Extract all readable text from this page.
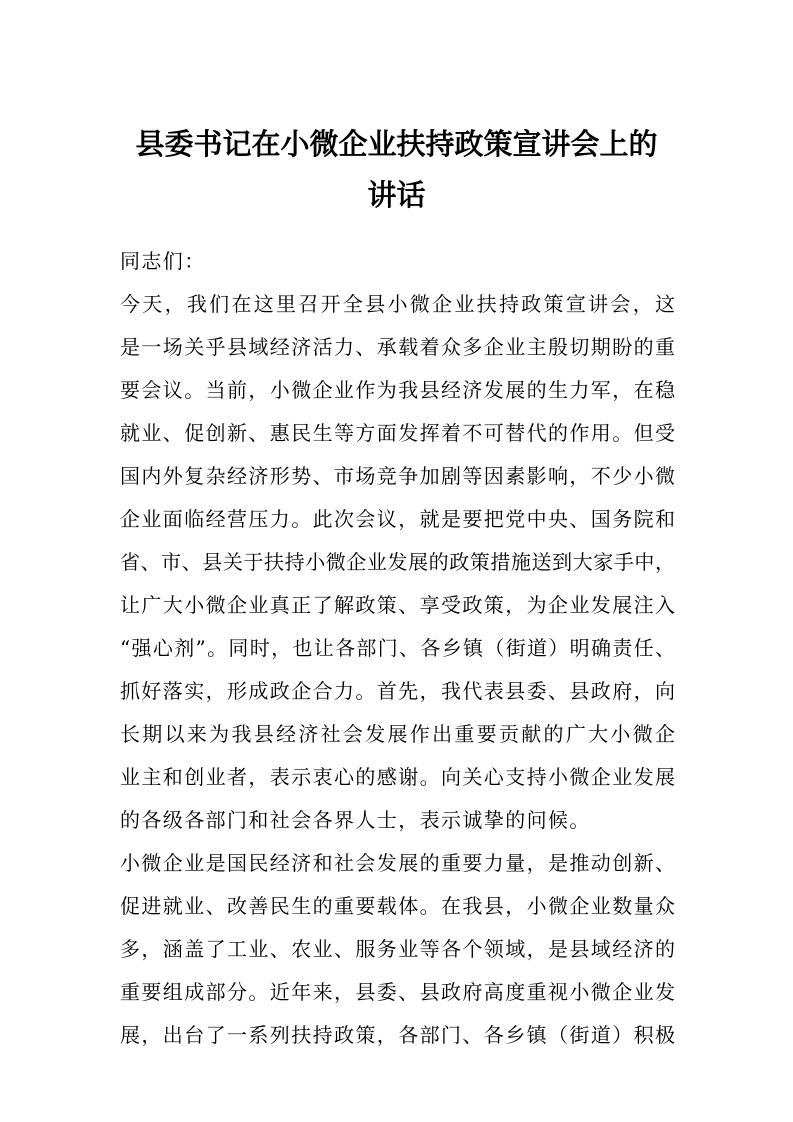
县委书记在小微企业扶持政策宣讲会上的
讲话
同志们：
今天，我们在这里召开全县小微企业扶持政策宣讲会，这
是一场关乎县域经济活力、承载着众多企业主殷切期盼的重
要会议。当前，小微企业作为我县经济发展的生力军，在稳
就业、促创新、惠民生等方面发挥着不可替代的作用。但受
国内外复杂经济形势、市场竞争加剧等因素影响，不少小微
企业面临经营压力。此次会议，就是要把党中央、国务院和
省、市、县关于扶持小微企业发展的政策措施送到大家手中，
让广大小微企业真正了解政策、享受政策，为企业发展注入
“强心剂”。同时，也让各部门、各乡镇（街道）明确责任、
抓好落实，形成政企合力。首先，我代表县委、县政府，向
长期以来为我县经济社会发展作出重要贡献的广大小微企
业主和创业者，表示衷心的感谢。向关心支持小微企业发展
的各级各部门和社会各界人士，表示诚挚的问候。
小微企业是国民经济和社会发展的重要力量，是推动创新、
促进就业、改善民生的重要载体。在我县，小微企业数量众
多，涵盖了工业、农业、服务业等各个领域，是县域经济的
重要组成部分。近年来，县委、县政府高度重视小微企业发
展，出台了一系列扶持政策，各部门、各乡镇（街道）积极
